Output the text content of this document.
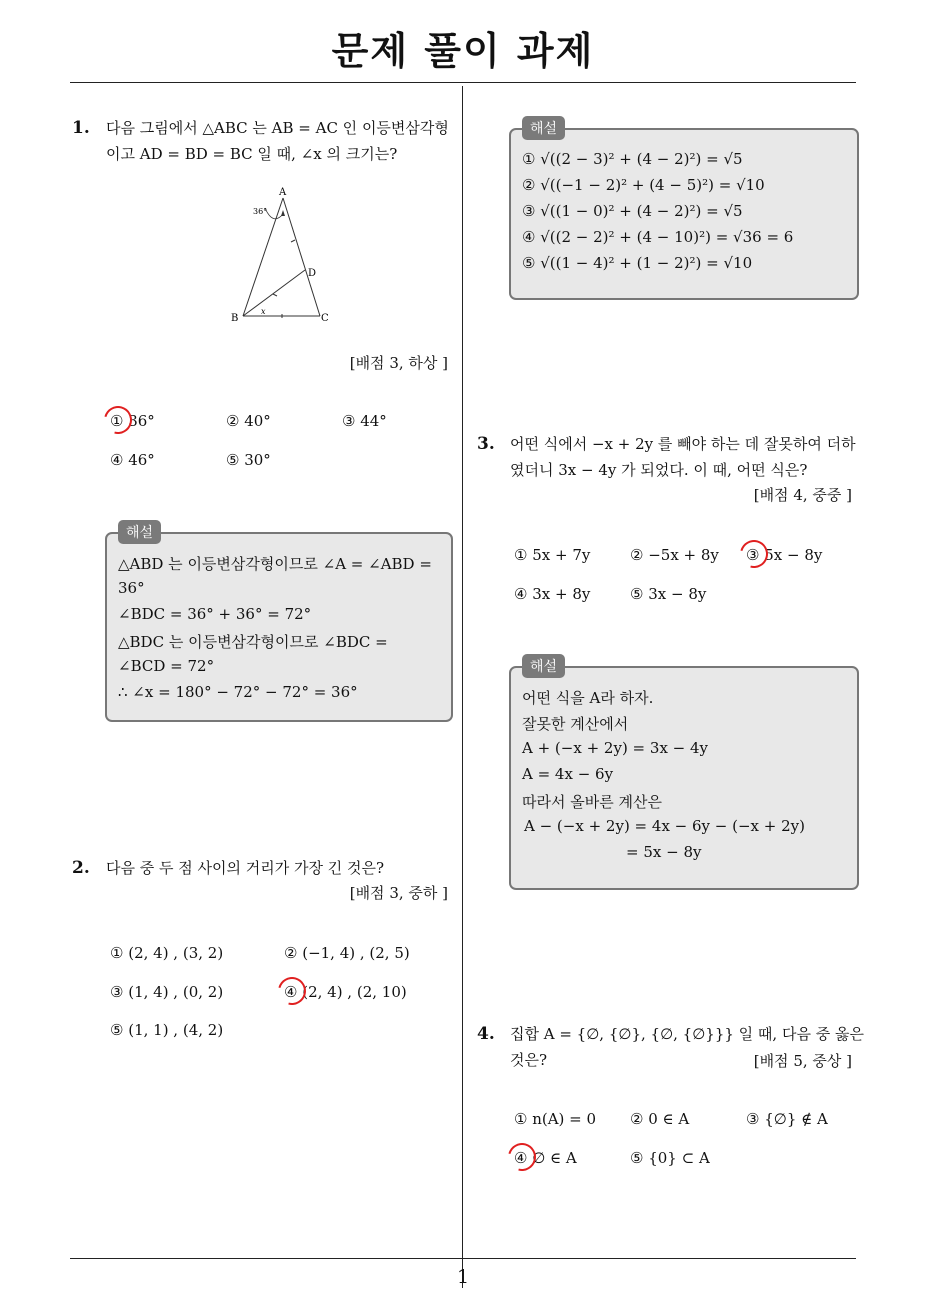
문제 풀이 과제
1
1. 다음 그림에서 △ABC 는 AB = AC 인 이등변삼각형
이고 AD = BD = BC 일 때, ∠x 의 크기는?
A
B	C
D
36°
x
[배점 3, 하상 ]
① 36°	② 40°	③ 44°
④ 46°	⑤ 30°
해설
△ABD 는 이등변삼각형이므로 ∠A = ∠ABD =
36°
∠BDC = 36° + 36° = 72°
△BDC 는 이등변삼각형이므로 ∠BDC =
∠BCD = 72°
∴ ∠x = 180° − 72° − 72° = 36°
2. 다음 중 두 점 사이의 거리가 가장 긴 것은?
[배점 3, 중하 ]
① (2, 4) , (3, 2)	② (−1, 4) , (2, 5)
③ (1, 4) , (0, 2)	④ (2, 4) , (2, 10)
⑤ (1, 1) , (4, 2)
해설
① √((2 − 3)² + (4 − 2)²) = √5
② √((−1 − 2)² + (4 − 5)²) = √10
③ √((1 − 0)² + (4 − 2)²) = √5
④ √((2 − 2)² + (4 − 10)²) = √36 = 6
⑤ √((1 − 4)² + (1 − 2)²) = √10
3. 어떤 식에서 −x + 2y 를 빼야 하는 데 잘못하여 더하
였더니 3x − 4y 가 되었다. 이 때, 어떤 식은?
[배점 4, 중중 ]
① 5x + 7y	② −5x + 8y ③ 5x − 8y
④ 3x + 8y	⑤ 3x − 8y
해설
어떤 식을 A라 하자.
잘못한 계산에서
A + (−x + 2y) = 3x − 4y
A = 4x − 6y
따라서 올바른 계산은
A − (−x + 2y) = 4x − 6y − (−x + 2y)
= 5x − 8y
4. 집합 A = {∅, {∅}, {∅, {∅}}} 일 때, 다음 중 옳은
것은?	[배점 5, 중상 ]
① n(A) = 0 ② 0 ∈ A	③ {∅} ∉ A
④ ∅ ∈ A	⑤ {0} ⊂ A
